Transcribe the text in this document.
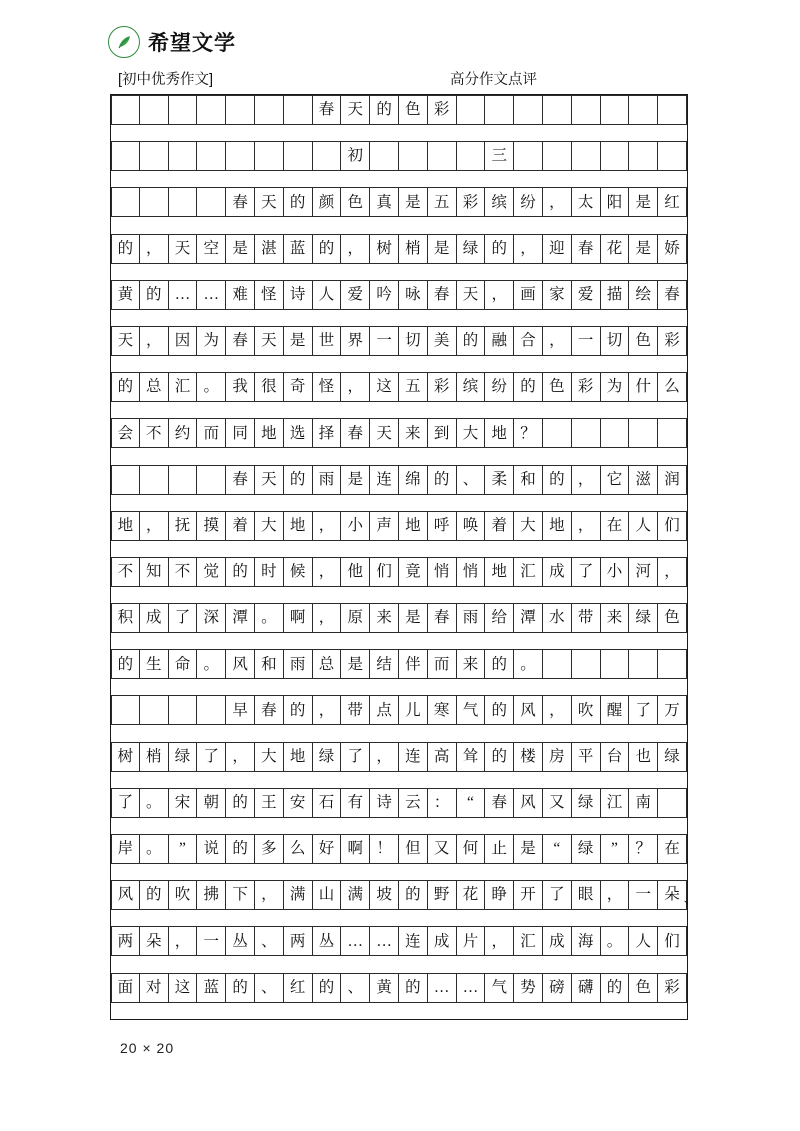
希望文学
[初中优秀作文]	高分作文点评
春 天 的 色 彩
初	三
春 天 的 颜 色 真 是 五 彩 缤 纷 ， 太 阳 是 红
的 ， 天 空 是 湛 蓝 的 ， 树 梢 是 绿 的 ， 迎 春 花 是 娇
黄 的 … … 难 怪 诗 人 爱 吟 咏 春 天 ， 画 家 爱 描 绘 春
天 ， 因 为 春 天 是 世 界 一 切 美 的 融 合 ， 一 切 色 彩
的 总 汇 。 我 很 奇 怪 ， 这 五 彩 缤 纷 的 色 彩 为 什 么
会 不 约 而 同 地 选 择 春 天 来 到 大 地 ？
春 天 的 雨 是 连 绵 的 、 柔 和 的 ， 它 滋 润
地 ， 抚 摸 着 大 地 ， 小 声 地 呼 唤 着 大 地 ， 在 人 们
不 知 不 觉 的 时 候 ， 他 们 竟 悄 悄 地 汇 成 了 小 河 ，
积 成 了 深 潭 。 啊 ， 原 来 是 春 雨 给 潭 水 带 来 绿 色
的 生 命 。 风 和 雨 总 是 结 伴 而 来 的 。
早 春 的 ， 带 点 儿 寒 气 的 风 ， 吹 醒 了 万
树 梢 绿 了 ， 大 地 绿 了 ， 连 高 耸 的 楼 房 平 台 也 绿
了 。 宋 朝 的 王 安 石 有 诗 云 ：	“	春 风 又 绿 江 南
岸 。	”	说 的 多 么 好 啊 ！ 但 又 何 止 是	“	绿	”	？ 在
风 的 吹 拂 下 ， 满 山 满 坡 的 野 花 睁 开 了 眼 ， 一 朵 、
两 朵 ， 一 丛 、 两 丛 … … 连 成 片 ， 汇 成 海 。 人 们
面 对 这 蓝 的 、 红 的 、 黄 的 … … 气 势 磅 礴 的 色 彩
20 × 20
